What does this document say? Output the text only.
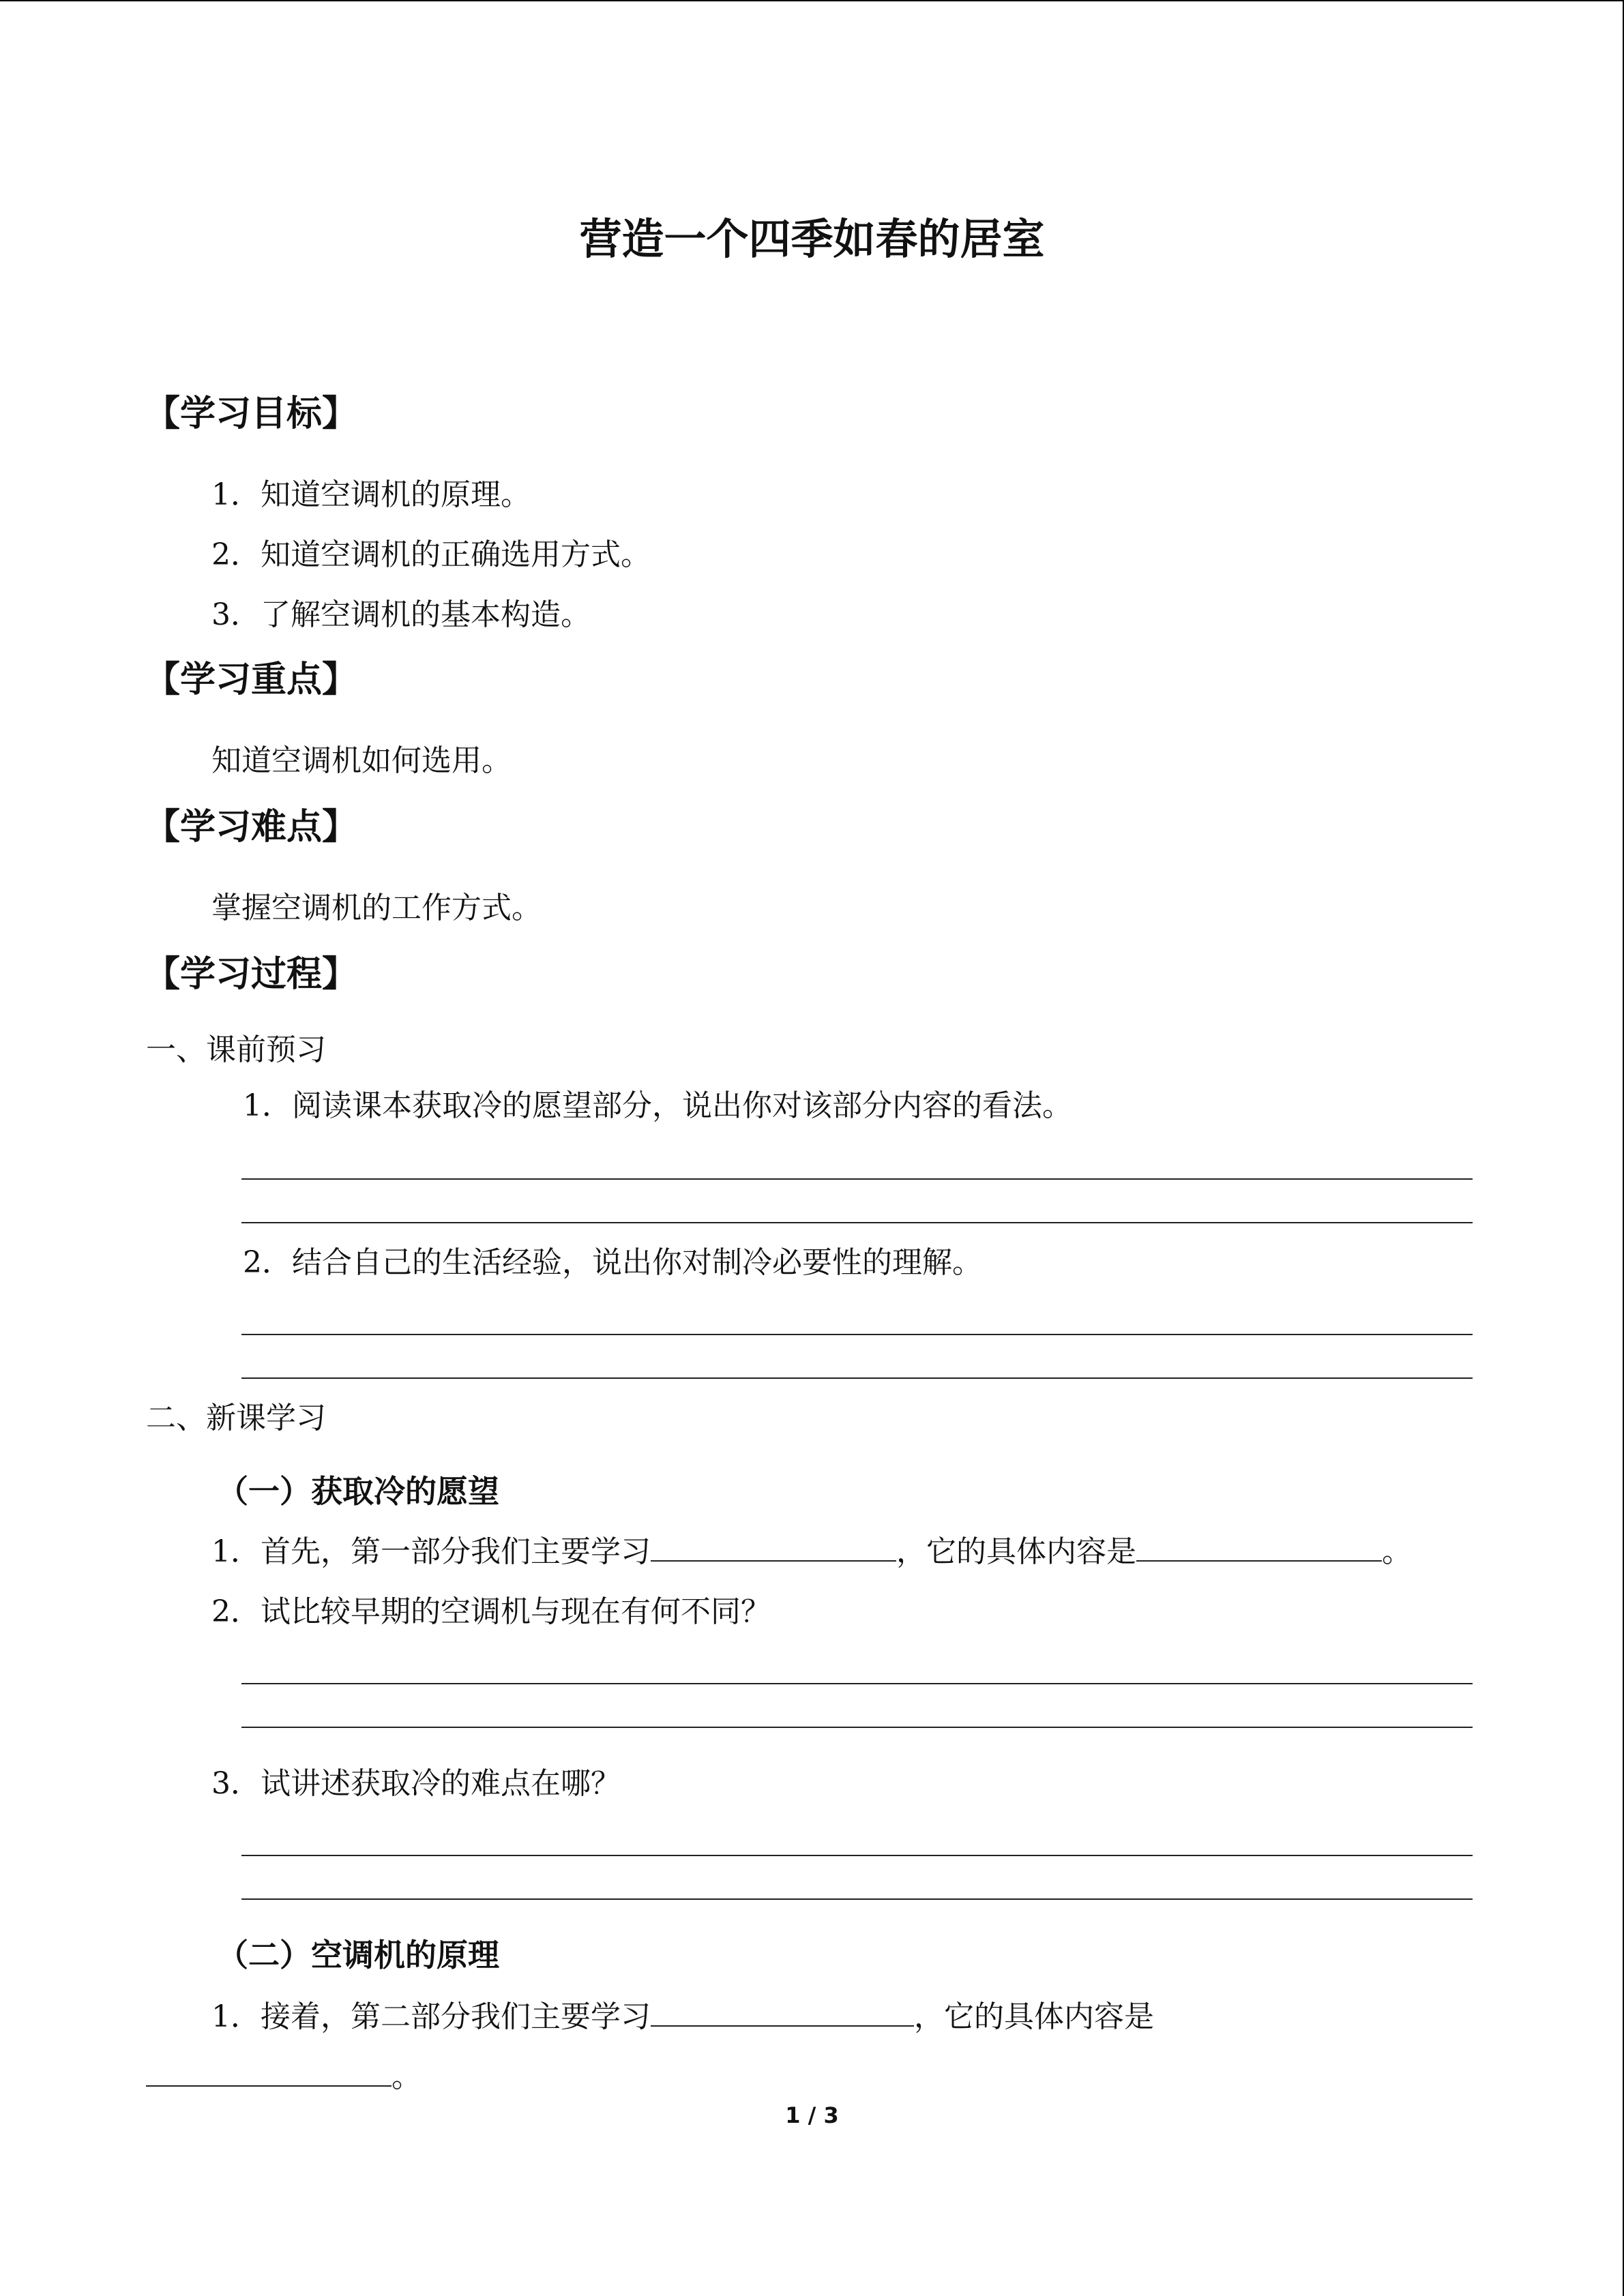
营造一个四季如春的居室
【学习目标】
1．知道空调机的原理。
2．知道空调机的正确选用方式。
3．了解空调机的基本构造。
【学习重点】
知道空调机如何选用。
【学习难点】
掌握空调机的工作方式。
【学习过程】
一、课前预习
1．阅读课本获取冷的愿望部分，说出你对该部分内容的看法。
2．结合自己的生活经验，说出你对制冷必要性的理解。
二、新课学习
（一）获取冷的愿望
1．首先，第一部分我们主要学习	，它的具体内容是	。
2．试比较早期的空调机与现在有何不同？
3．试讲述获取冷的难点在哪？
（二）空调机的原理
1．接着，第二部分我们主要学习	，它的具体内容是
。
1 / 3
